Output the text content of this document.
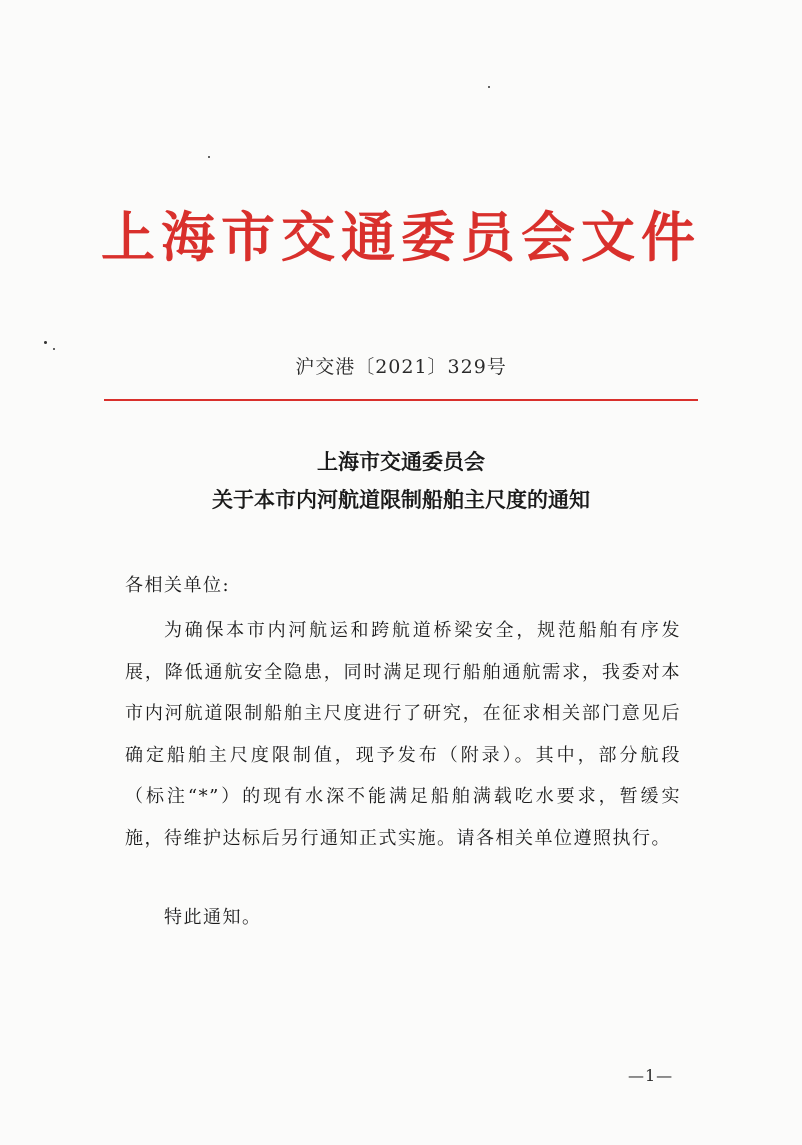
上海市交通委员会文件
沪交港〔2021〕329号
上海市交通委员会
关于本市内河航道限制船舶主尺度的通知
各相关单位:
为确保本市内河航运和跨航道桥梁安全，规范船舶有序发展，降低通航安全隐患，同时满足现行船舶通航需求，我委对本市内河航道限制船舶主尺度进行了研究，在征求相关部门意见后确定船舶主尺度限制值，现予发布（附录）。其中，部分航段（标注“*”）的现有水深不能满足船舶满载吃水要求，暂缓实施，待维护达标后另行通知正式实施。请各相关单位遵照执行。
特此通知。
—1—
